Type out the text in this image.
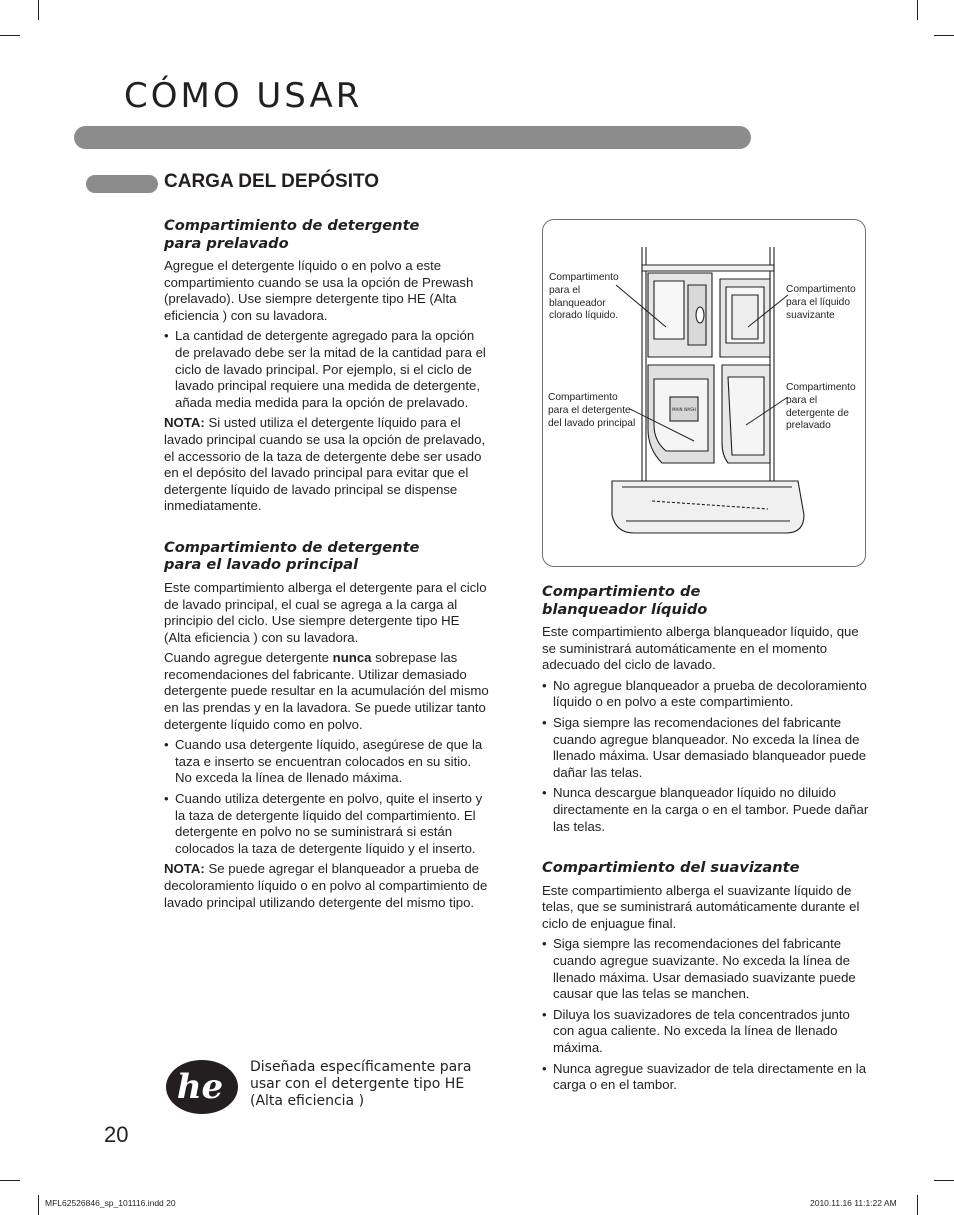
CÓMO USAR
CARGA DEL DEPÓSITO
Compartimiento de detergente para prelavado

Agregue el detergente líquido o en polvo a este compartimiento cuando se usa la opción de Prewash (prelavado). Use siempre detergente tipo HE (Alta eficiencia ) con su lavadora.

• La cantidad de detergente agregado para la opción de prelavado debe ser la mitad de la cantidad para el ciclo de lavado principal. Por ejemplo, si el ciclo de lavado principal requiere una medida de detergente, añada media medida para la opción de prelavado.

NOTA: Si usted utiliza el detergente líquido para el lavado principal cuando se usa la opción de prelavado, el accessorio de la taza de detergente debe ser usado en el depósito del lavado principal para evitar que el detergente líquido de lavado principal se dispense inmediatamente.

Compartimiento de detergente para el lavado principal

Este compartimiento alberga el detergente para el ciclo de lavado principal, el cual se agrega a la carga al principio del ciclo. Use siempre detergente tipo HE (Alta eficiencia ) con su lavadora.

Cuando agregue detergente nunca sobrepase las recomendaciones del fabricante. Utilizar demasiado detergente puede resultar en la acumulación del mismo en las prendas y en la lavadora. Se puede utilizar tanto detergente líquido como en polvo.

• Cuando usa detergente líquido, asegúrese de que la taza e inserto se encuentran colocados en su sitio. No exceda la línea de llenado máxima.
• Cuando utiliza detergente en polvo, quite el inserto y la taza de detergente líquido del compartimiento. El detergente en polvo no se suministrará si están colocados la taza de detergente líquido y el inserto.

NOTA: Se puede agregar el blanqueador a prueba de decoloramiento líquido o en polvo al compartimiento de lavado principal utilizando detergente del mismo tipo.

he Diseñada específicamente para usar con el detergente tipo HE (Alta eficiencia )
MAIN WASH
Compartimento para el blanqueador clorado líquido.
Compartimento para el líquido suavizante
Compartimento para el detergente del lavado principal
Compartimento para el detergente de prelavado
Compartimiento de blanqueador líquido

Este compartimiento alberga blanqueador líquido, que se suministrará automáticamente en el momento adecuado del ciclo de lavado.

• No agregue blanqueador a prueba de decoloramiento líquido o en polvo a este compartimiento.
• Siga siempre las recomendaciones del fabricante cuando agregue blanqueador. No exceda la línea de llenado máxima. Usar demasiado blanqueador puede dañar las telas.
• Nunca descargue blanqueador líquido no diluido directamente en la carga o en el tambor. Puede dañar las telas.
Compartimiento del suavizante

Este compartimiento alberga el suavizante líquido de telas, que se suministrará automáticamente durante el ciclo de enjuague final.

• Siga siempre las recomendaciones del fabricante cuando agregue suavizante. No exceda la línea de llenado máxima. Usar demasiado suavizante puede causar que las telas se manchen.
• Diluya los suavizadores de tela concentrados junto con agua caliente. No exceda la línea de llenado máxima.
• Nunca agregue suavizador de tela directamente en la carga o en el tambor.
20
MFL62526846_sp_101116.indd 20	2010.11.16 11:1:22 AM
